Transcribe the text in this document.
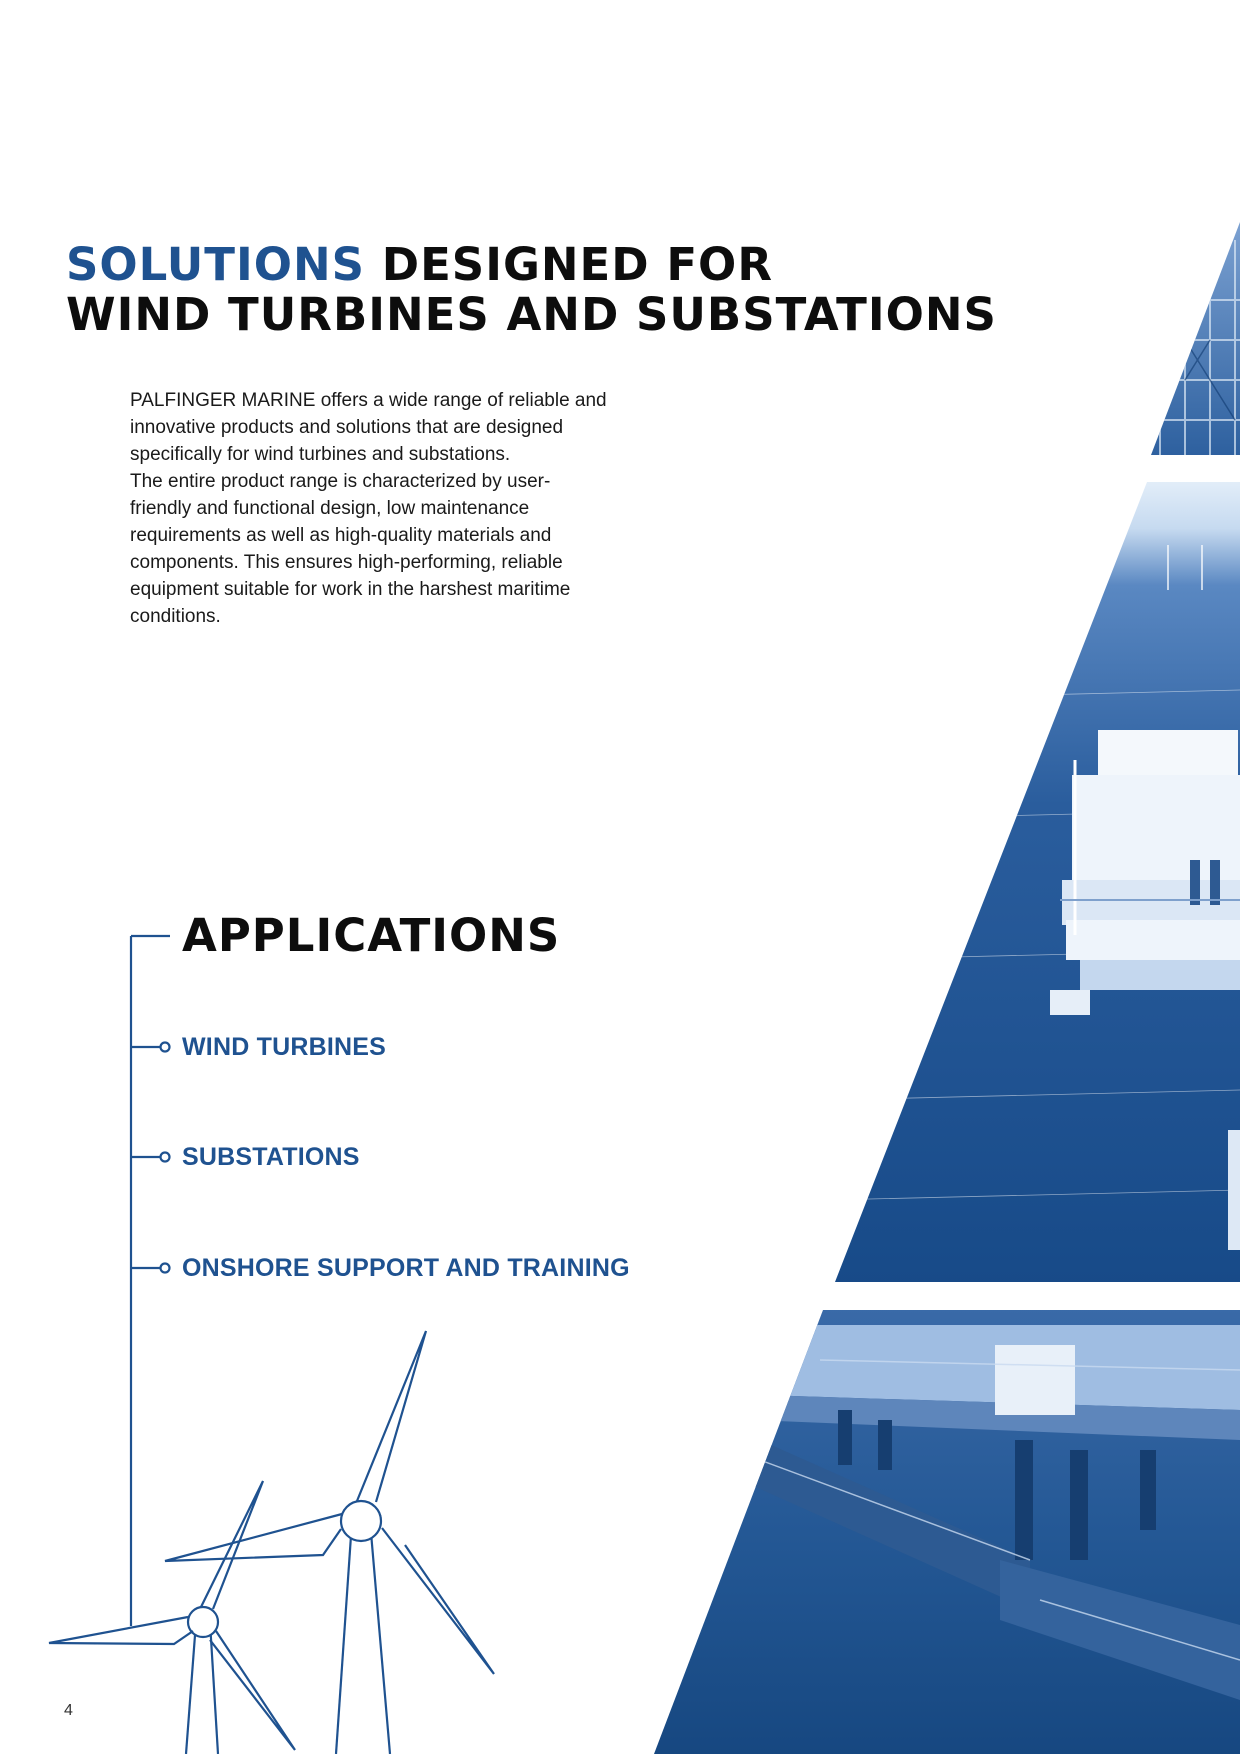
SOLUTIONS DESIGNED FOR
WIND TURBINES AND SUBSTATIONS

PALFINGER MARINE offers a wide range of reliable and innovative products and solutions that are designed specifically for wind turbines and substations.

The entire product range is characterized by user-friendly and functional design, low maintenance requirements as well as high-quality materials and components. This ensures high-performing, reliable equipment suitable for work in the harshest maritime conditions.

APPLICATIONS
WIND TURBINES
SUBSTATIONS
ONSHORE SUPPORT AND TRAINING
4
